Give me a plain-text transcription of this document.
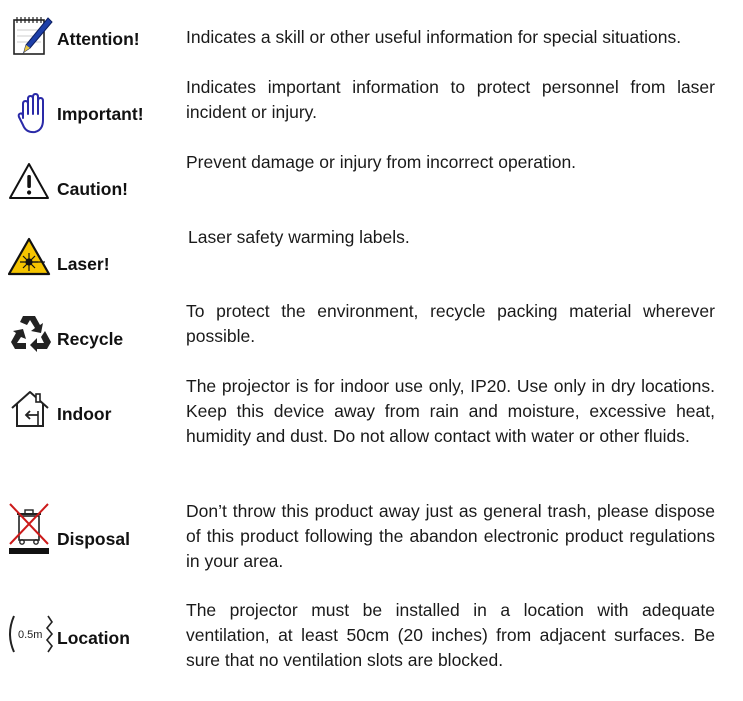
Attention!	Indicates a skill or other useful information for special situations.
Important!
Indicates important information to protect personnel from laser incident or injury.
Caution!
Prevent damage or injury from incorrect operation.
Laser!
Laser safety warming labels.
Recycle
To protect the environment, recycle packing material wherever possible.
Indoor
The projector is for indoor use only, IP20. Use only in dry locations. Keep this device away from rain and moisture, excessive heat, humidity and dust. Do not allow contact with water or other fluids.
Disposal
Don’t throw this product away just as general trash, please dispose of this product following the abandon electronic product regulations in your area.
0.5m Location
The projector must be installed in a location with adequate ventilation, at least 50cm (20 inches) from adjacent surfaces. Be sure that no ventilation slots are blocked.
